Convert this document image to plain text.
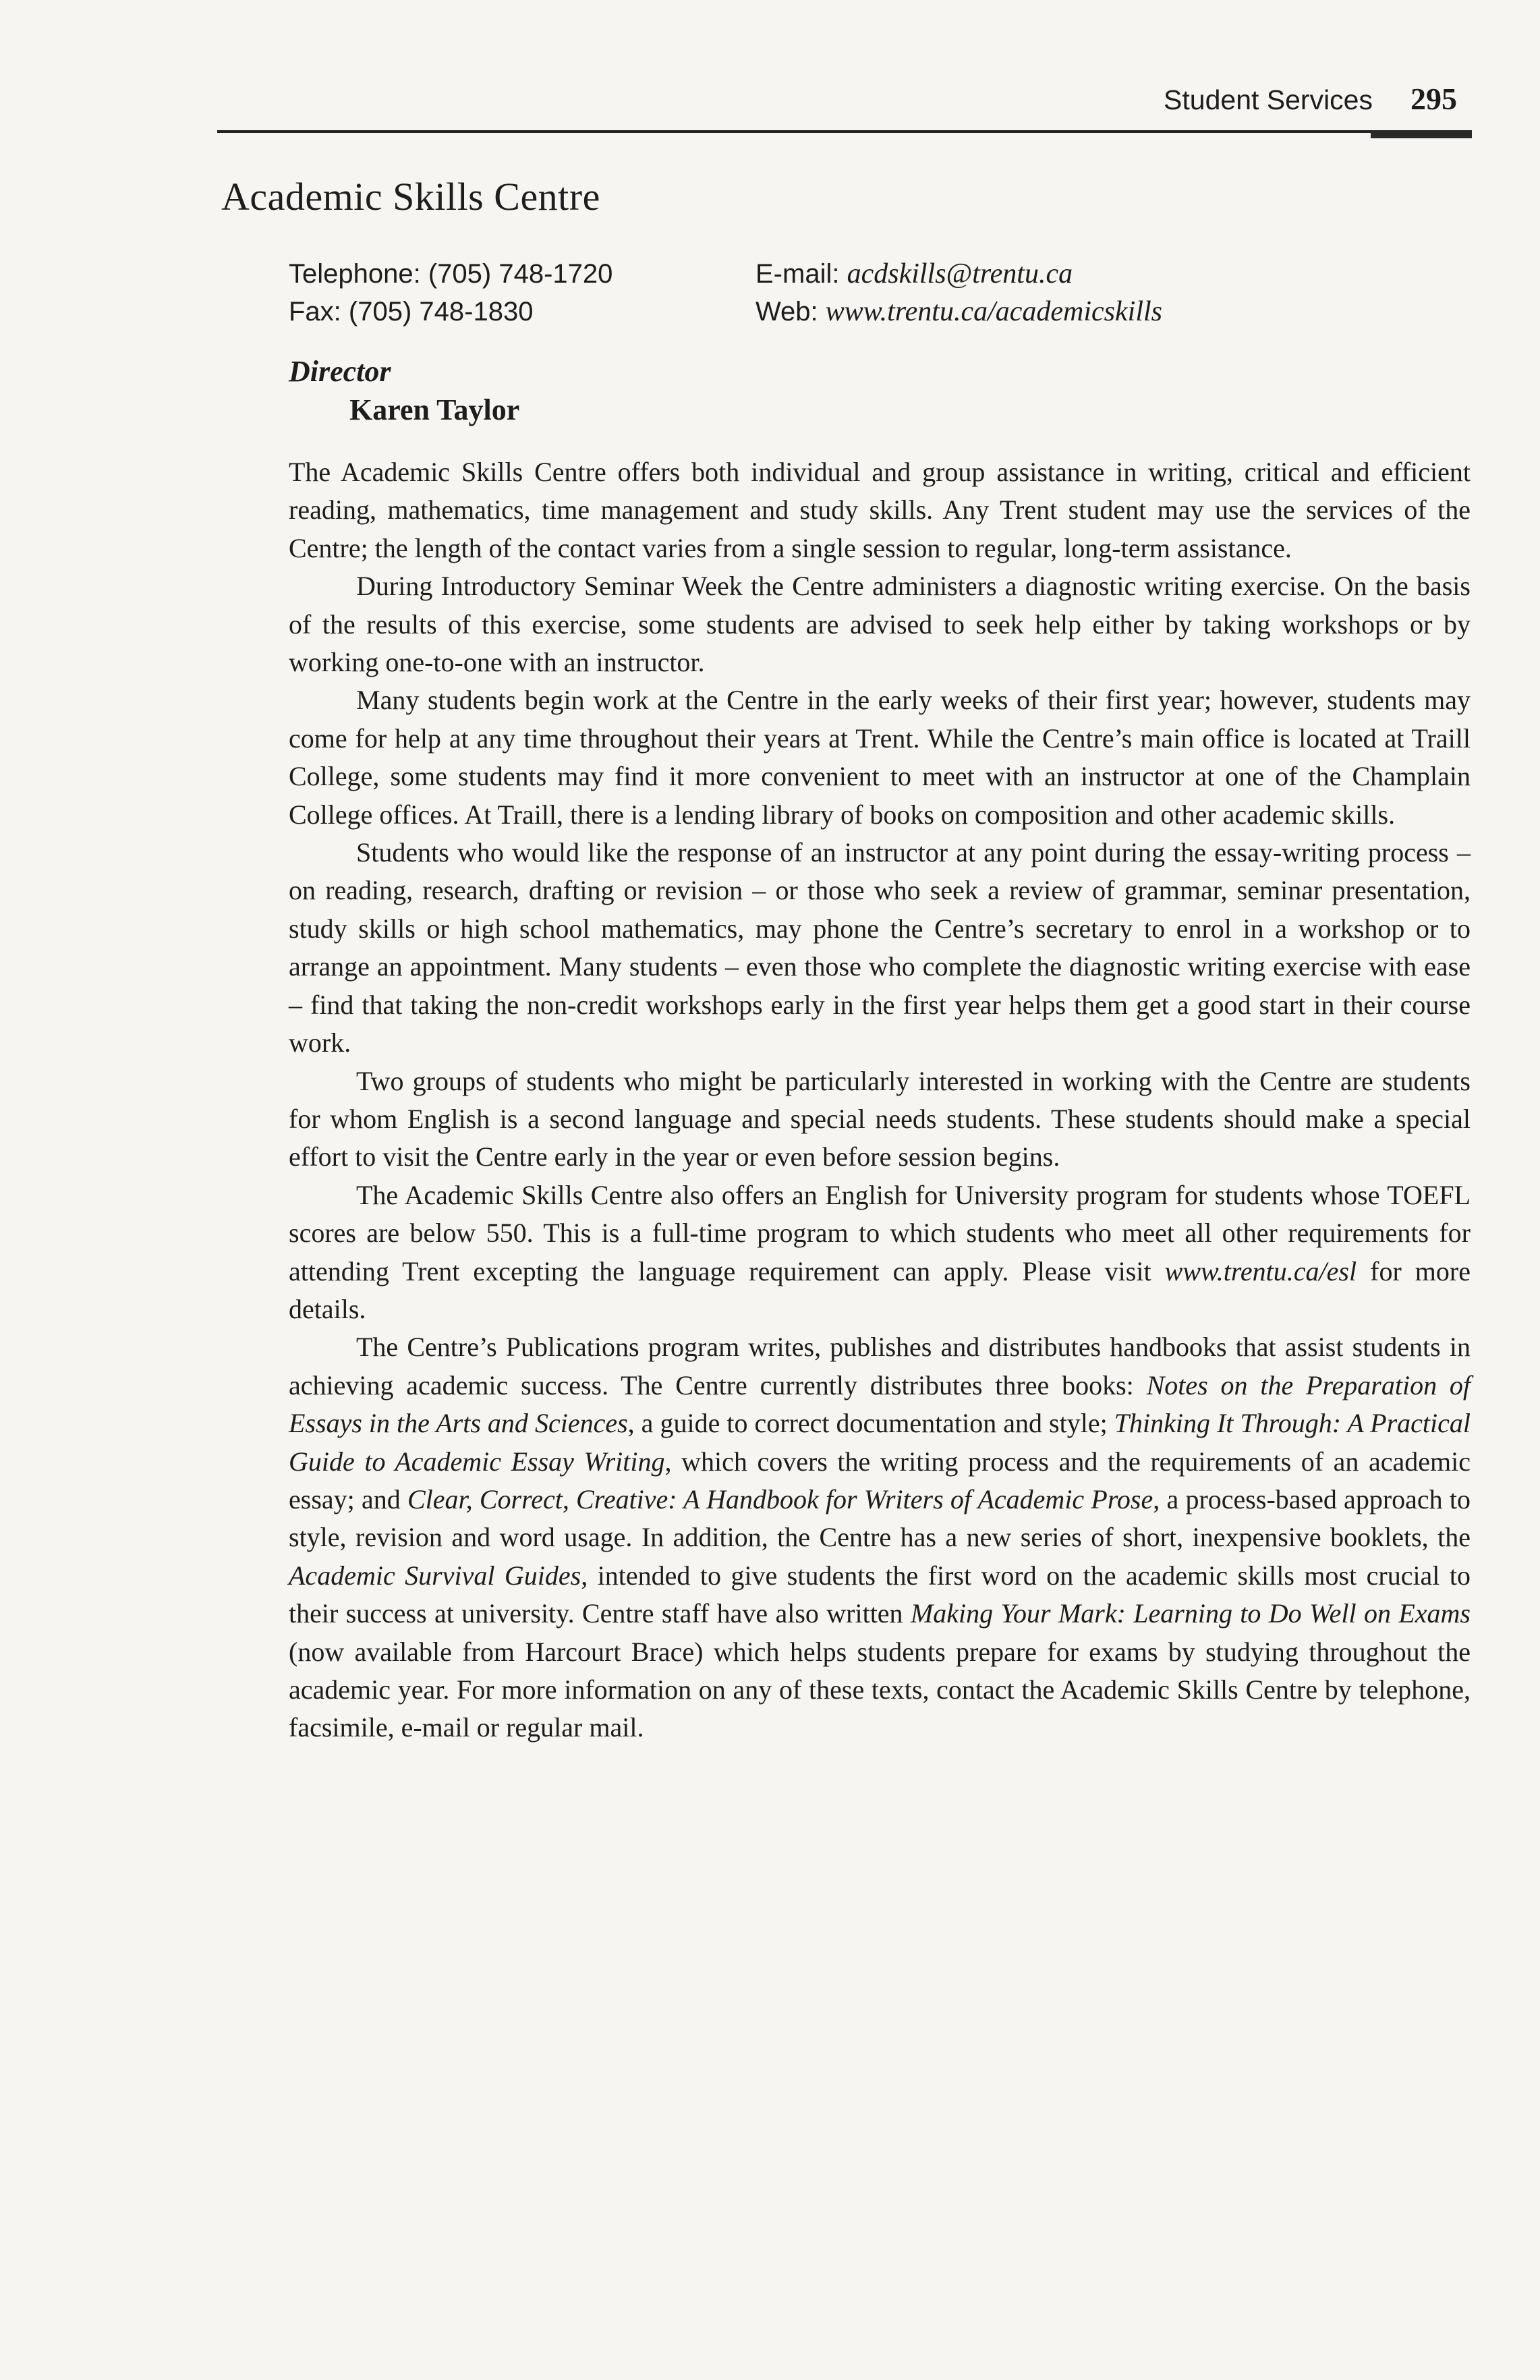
Student Services 295
Academic Skills Centre
Telephone: (705) 748-1720	E-mail: acdskills@trentu.ca
Fax: (705) 748-1830	Web: www.trentu.ca/academicskills
Director
Karen Taylor

The Academic Skills Centre offers both individual and group assistance in writing, critical and efficient reading, mathematics, time management and study skills. Any Trent student may use the services of the Centre; the length of the contact varies from a single session to regular, long-term assistance.

During Introductory Seminar Week the Centre administers a diagnostic writing exercise. On the basis of the results of this exercise, some students are advised to seek help either by taking workshops or by working one-to-one with an instructor.

Many students begin work at the Centre in the early weeks of their first year; however, students may come for help at any time throughout their years at Trent. While the Centre’s main office is located at Traill College, some students may find it more convenient to meet with an instructor at one of the Champlain College offices. At Traill, there is a lending library of books on composition and other academic skills.

Students who would like the response of an instructor at any point during the essay-writing process – on reading, research, drafting or revision – or those who seek a review of grammar, seminar presentation, study skills or high school mathematics, may phone the Centre’s secretary to enrol in a workshop or to arrange an appointment. Many students – even those who complete the diagnostic writing exercise with ease – find that taking the non-credit workshops early in the first year helps them get a good start in their course work.

Two groups of students who might be particularly interested in working with the Centre are students for whom English is a second language and special needs students. These students should make a special effort to visit the Centre early in the year or even before session begins.

The Academic Skills Centre also offers an English for University program for students whose TOEFL scores are below 550. This is a full-time program to which students who meet all other requirements for attending Trent excepting the language requirement can apply. Please visit www.trentu.ca/esl for more details.

The Centre’s Publications program writes, publishes and distributes handbooks that assist students in achieving academic success. The Centre currently distributes three books: Notes on the Preparation of Essays in the Arts and Sciences, a guide to correct documentation and style; Thinking It Through: A Practical Guide to Academic Essay Writing, which covers the writing process and the requirements of an academic essay; and Clear, Correct, Creative: A Handbook for Writers of Academic Prose, a process-based approach to style, revision and word usage. In addition, the Centre has a new series of short, inexpensive booklets, the Academic Survival Guides, intended to give students the first word on the academic skills most crucial to their success at university. Centre staff have also written Making Your Mark: Learning to Do Well on Exams (now available from Harcourt Brace) which helps students prepare for exams by studying throughout the academic year. For more information on any of these texts, contact the Academic Skills Centre by telephone, facsimile, e-mail or regular mail.
